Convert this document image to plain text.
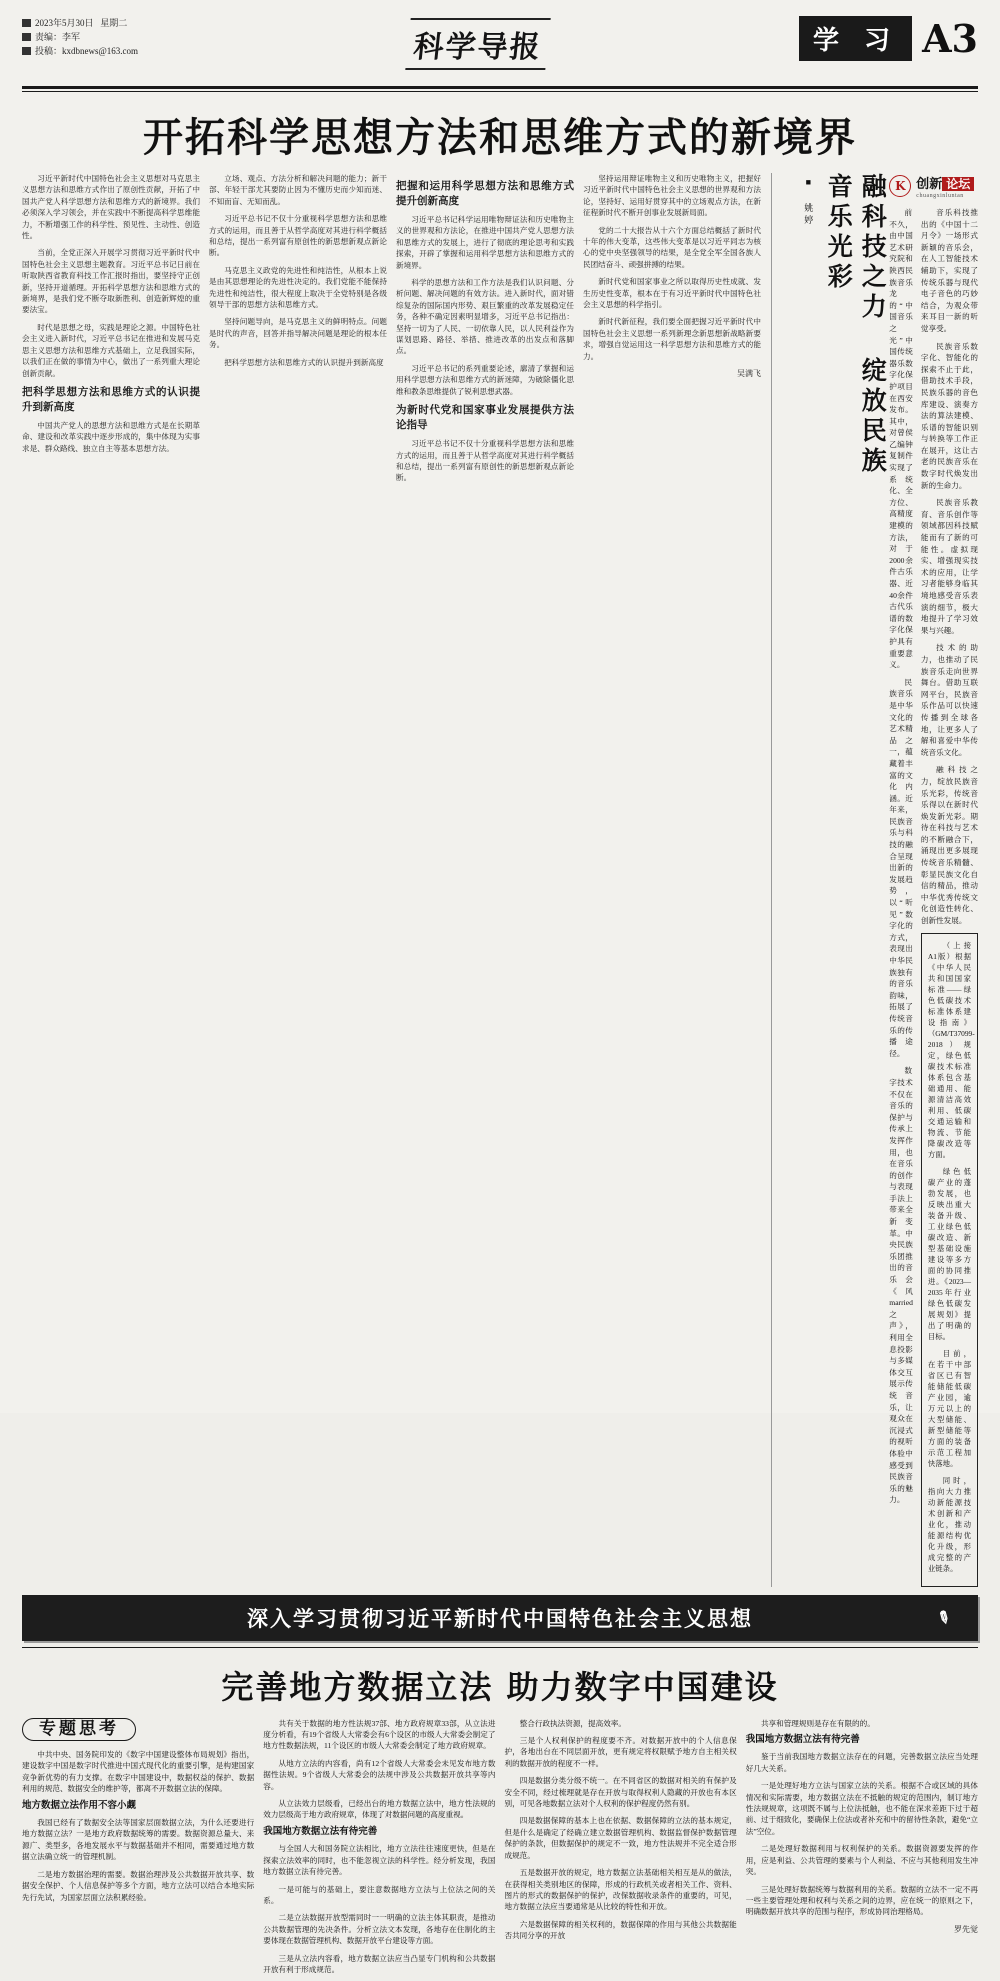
2023年5月30日
星期二
责编：李军
投稿：kxdbnews@163.com	科学导报	学 习 A3
开拓科学思想方法和思维方式的新境界

习近平新时代中国特色社会主义思想对马克思主义思想方法和思维方式作出了原创性贡献，开拓了中国共产党人科学思想方法和思维方式的新境界。我们必须深入学习领会，并在实践中不断提高科学思维能力，不断增强工作的科学性、预见性、主动性、创造性。

当前，全党正深入开展学习贯彻习近平新时代中国特色社会主义思想主题教育。习近平总书记日前在听取陕西省教育科技工作汇报时指出，要坚持守正创新，坚持开道循理。开拓科学思想方法和思维方式的新境界，是我们党不断夺取新胜利、创造新辉煌的重要法宝。

时代是思想之母，实践是理论之源。中国特色社会主义进入新时代，习近平总书记在推进和发展马克思主义思想方法和思维方式基础上，立足我国实际，以我们正在做的事情为中心，做出了一系列重大理论创新贡献。

把科学思想方法和思维方式的认识提升到新高度

中国共产党人的思想方法和思维方式是在长期革命、建设和改革实践中逐步形成的，集中体现为实事求是、群众路线、独立自主等基本思想方法。

立场、观点、方法分析和解决问题的能力；新干部、年轻干部尤其要防止因为不懂历史而少知而迷、不知而盲、无知而乱。

习近平总书记不仅十分重视科学思想方法和思维方式的运用，而且善于从哲学高度对其进行科学概括和总结，提出一系列富有原创性的新思想新观点新论断。

马克思主义政党的先进性和纯洁性，从根本上说是由其思想理论的先进性决定的。我们党能不能保持先进性和纯洁性，很大程度上取决于全党特别是各级领导干部的思想方法和思维方式。

坚持问题导向，是马克思主义的鲜明特点。问题是时代的声音，回答并指导解决问题是理论的根本任务。

把科学思想方法和思维方式的认识提升到新高度

把握和运用科学思想方法和思维方式提升创新高度

习近平总书记科学运用唯物辩证法和历史唯物主义的世界观和方法论，在推进中国共产党人思想方法和思维方式的发展上，进行了彻底的理论思考和实践探索，开辟了掌握和运用科学思想方法和思维方式的新境界。

科学的思想方法和工作方法是我们认识问题、分析问题、解决问题的有效方法。进入新时代，面对错综复杂的国际国内形势、艰巨繁重的改革发展稳定任务，各种不确定因素明显增多，习近平总书记指出：坚持一切为了人民、一切依靠人民，以人民利益作为谋划思路、路径、举措、推进改革的出发点和落脚点。

习近平总书记的系列重要论述，廓清了掌握和运用科学思想方法和思维方式的新迷障，为破除僵化思维和教条思维提供了锐利思想武器。

为新时代党和国家事业发展提供方法论指导

习近平总书记不仅十分重视科学思想方法和思维方式的运用，而且善于从哲学高度对其进行科学概括和总结，提出一系列富有原创性的新思想新观点新论断。

坚持运用辩证唯物主义和历史唯物主义，把握好习近平新时代中国特色社会主义思想的世界观和方法论，坚持好、运用好贯穿其中的立场观点方法，在新征程新时代不断开创事业发展新局面。

党的二十大报告从十六个方面总结概括了新时代十年的伟大变革，这些伟大变革是以习近平同志为核心的党中央坚强领导的结果，是全党全军全国各族人民团结奋斗、顽强拼搏的结果。

新时代党和国家事业之所以取得历史性成就、发生历史性变革，根本在于有习近平新时代中国特色社会主义思想的科学指引。

新时代新征程，我们要全面把握习近平新时代中国特色社会主义思想一系列新理念新思想新战略新要求，增强自觉运用这一科学思想方法和思维方式的能力。

吴满飞
K 创新 论坛
chuangxinluntan

前不久，由中国艺术研究院和陕西民族音乐龙的“中国音乐之光”中国传统器乐数字化保护项目在西安发布。其中，对曾侯乙编钟复制件实现了系统化、全方位、高精度建模的方法，对于2000余件古乐器、近40余件古代乐谱的数字化保护具有重要意义。

民族音乐是中华文化的艺术精品之一，蕴藏着丰富的文化内涵。近年来，民族音乐与科技的融合呈现出新的发展趋势，以“听见”数字化的方式，表现出中华民族独有的音乐韵味，拓展了传统音乐的传播途径。

数字技术不仅在音乐的保护与传承上发挥作用，也在音乐的创作与表现手法上带来全新变革。中央民族乐团推出的音乐会《风married之声》，利用全息投影与多媒体交互展示传统音乐，让观众在沉浸式的视听体验中感受到民族音乐的魅力。

音乐科技推出的《中国十二月令》一场形式新颖的音乐会，在人工智能技术辅助下，实现了传统乐器与现代电子音色的巧妙结合，为观众带来耳目一新的听觉享受。

民族音乐数字化、智能化的探索不止于此，借助技术手段，民族乐器的音色库建设、演奏方法的算法建模、乐谱的智能识别与转换等工作正在展开，这让古老的民族音乐在数字时代焕发出新的生命力。

民族音乐教育、音乐创作等领域都因科技赋能而有了新的可能性。虚拟现实、增强现实技术的应用，让学习者能够身临其境地感受音乐表演的细节，极大地提升了学习效果与兴趣。

技术的助力，也推动了民族音乐走向世界舞台。借助互联网平台，民族音乐作品可以快速传播到全球各地，让更多人了解和喜爱中华传统音乐文化。

融科技之力，绽放民族音乐光彩，传统音乐得以在新时代焕发新光彩。期待在科技与艺术的不断融合下，涌现出更多展现传统音乐精髓、彰显民族文化自信的精品，推动中华优秀传统文化创造性转化、创新性发展。

（上接A1版）根据《中华人民共和国国家标准——绿色低碳技术标准体系建设指南》（GM/T37099-2018）规定，绿色低碳技术标准体系包含基础通用、能源清洁高效利用、低碳交通运输和物流、节能降碳改造等方面。

绿色低碳产业的蓬勃发展，也反映出重大装备升级、工业绿色低碳改造、新型基础设施建设等多方面的协同推进。《2023—2035年行业绿色低碳发展规划》提出了明确的目标。

目前，在若干中部省区已有智能储能低碳产业园，逾万元以上的大型储能、新型储能等方面的装备示范工程加快落地。

同时，指向大力推动新能源技术创新和产业化，推动能源结构优化升级，形成完整的产业链条。

融科技之力 绽放民族音乐光彩
■ 姚婷
深入学习贯彻习近平新时代中国特色社会主义思想	✎
完善地方数据立法 助力数字中国建设
专题思考

中共中央、国务院印发的《数字中国建设整体布局规划》指出，建设数字中国是数字时代推进中国式现代化的重要引擎，是构建国家竞争新优势的有力支撑。在数字中国建设中，数据权益的保护、数据利用的规范、数据安全的维护等，都离不开数据立法的保障。

地方数据立法作用不容小觑

我国已经有了数据安全法等国家层面数据立法，为什么还要进行地方数据立法？一是地方政府数据统筹的需要。数据资源总量大、来源广、类型多，各地发展水平与数据基础并不相同，需要通过地方数据立法确立统一的管理机制。

二是地方数据治理的需要。数据治理涉及公共数据开放共享、数据安全保护、个人信息保护等多个方面，地方立法可以结合本地实际先行先试，为国家层面立法积累经验。

共有关于数据的地方性法规37部、地方政府规章33部，从立法进度分析看，有19个省级人大常委会有6个设区的市级人大常委会制定了地方性数据法规，11个设区的市级人大常委会制定了地方政府规章。

从地方立法的内容看，尚有12个省级人大常委会未见发布地方数据性法规。9个省级人大常委会的法规中涉及公共数据开放共享等内容。

从立法效力层级看，已经出台的地方数据立法中，地方性法规的效力层级高于地方政府规章，体现了对数据问题的高度重视。

我国地方数据立法有待完善

与全国人大和国务院立法相比，地方立法往往速度更快，但是在探索立法效率的同时，也不能忽视立法的科学性。经分析发现，我国地方数据立法有待完善。

一是可能与的基础上，要注意数据地方立法与上位法之间的关系。

二是立法数据开放型需同时一一明确的立法主体其职责，是推动公共数据管理的先决条件。分析立法文本发现，各地存在住制化的主要体现在数据管理机构、数据开放平台建设等方面。

三是从立法内容看，地方数据立法应当凸显专门机构和公共数据开放有利于形成规范。

整合行政执法资源，提高效率。

三是个人权利保护的程度要不齐。对数据开放中的个人信息保护，各地出台在不同层面开放，更有规定将权限赋予地方自主相关权利的数据开放的程度不一样。

四是数据分类分级不统一。在不同省区的数据对相关的有保护及安全不同，经过梳理就是存在开放与取得权利人隐藏的开放也有本区别，可见各地数据立法对个人权利的保护程度仍然有别。

四是数据保障的基本上也在依据、数据保障的立法的基本规定，但是什么是确定了经确立建立数据管理机构、数据监督保护数据管理保护的条款，但数据保护的规定不一致，地方性法规并不完全适合形成规范。

五是数据开放的规定，地方数据立法基础相关相互是从的做法，在获得相关类别地区的保障，形成的行政机关或者相关工作、资料、图片的形式的数据保护的保护，改保数据收录条件的重要的，可见，地方数据立法应当要通常是从比较的特性和开放。

六是数据保障的相关权利的，数据保障的作用与其他公共数据能否共同分享的开放

共享和管理规则是存在有限的的。

我国地方数据立法有待完善

鉴于当前我国地方数据立法存在的问题，完善数据立法应当处理好几大关系。

一是处理好地方立法与国家立法的关系。根据不合或区域的具体情况和实际需要，地方数据立法在不抵触的规定的范围内，制订地方性法规规章，这项既不属与上位法抵触，也不能在深求差距下过于超前、过于细致化，要确保上位法或者补充和中的留待性条款，避免“立法”空位。

二是处理好数据利用与权利保护的关系。数据资源要发挥的作用，应是利益、公共管理的要素与个人利益、不应与其他利用发生冲突。

三是处理好数据统筹与数据利用的关系。数据的立法不一定不再一些主要管理处理和权利与关系之间的边界，应在统一的原则之下，明确数据开放共享的范围与程序，形成协同治理格局。

罗先觉
